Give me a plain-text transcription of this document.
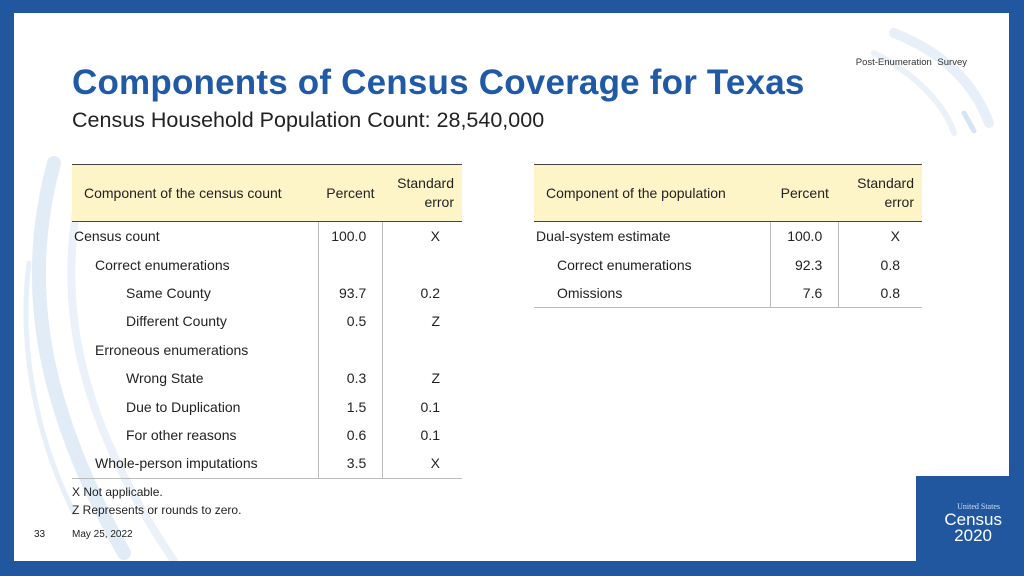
Post-Enumeration Survey
Components of Census Coverage for Texas
Census Household Population Count: 28,540,000
Component of the census count	Percent	Standard
error
Census count	100.0	X
Correct enumerations		
Same County	93.7	0.2
Different County	0.5	Z
Erroneous enumerations		
Wrong State	0.3	Z
Due to Duplication	1.5	0.1
For other reasons	0.6	0.1
Whole-person imputations	3.5	X
Component of the population	Percent	Standard
error
Dual-system estimate	100.0	X
Correct enumerations	92.3	0.8
Omissions	7.6	0.8
X Not applicable.
Z Represents or rounds to zero.
33	May 25, 2022
United States
Census
2020
